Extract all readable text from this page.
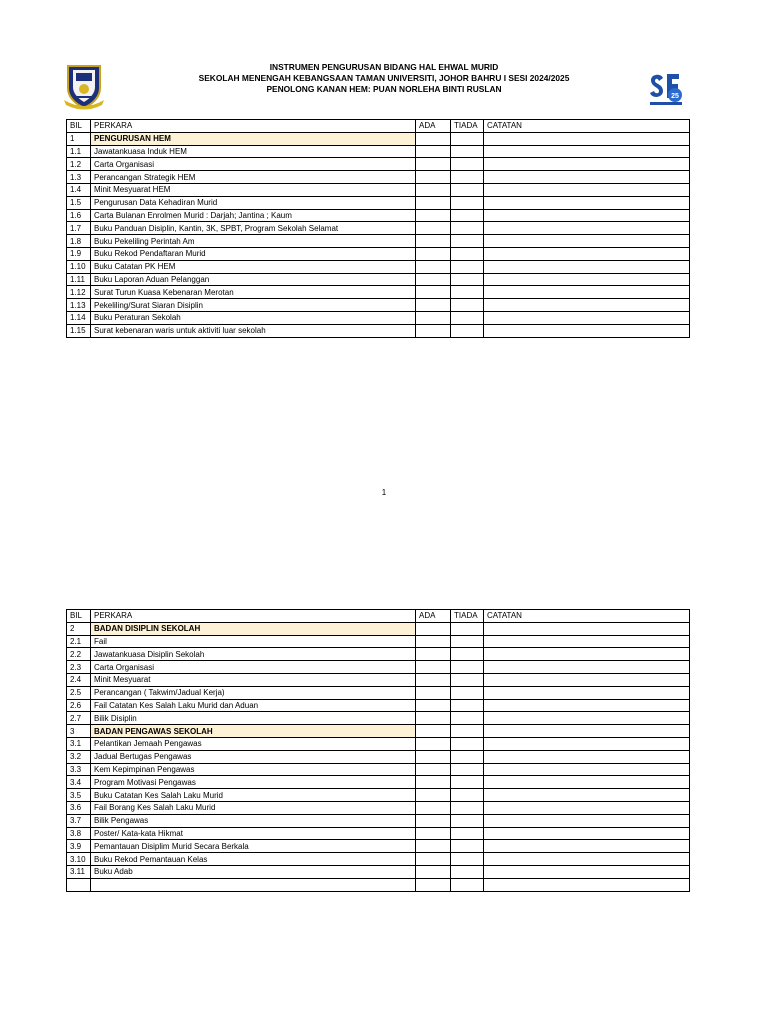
INSTRUMEN PENGURUSAN BIDANG HAL EHWAL MURID
SEKOLAH MENENGAH KEBANGSAAN TAMAN UNIVERSITI, JOHOR BAHRU I SESI 2024/2025
PENOLONG KANAN HEM: PUAN NORLEHA BINTI RUSLAN
25
BIL	PERKARA	ADA	TIADA	CATATAN
1	PENGURUSAN HEM			
1.1	Jawatankuasa Induk HEM			
1.2	Carta Organisasi			
1.3	Perancangan Strategik HEM			
1.4	Minit Mesyuarat HEM			
1.5	Pengurusan Data Kehadiran Murid			
1.6	Carta Bulanan Enrolmen Murid : Darjah; Jantina ; Kaum			
1.7	Buku Panduan Disiplin, Kantin, 3K, SPBT, Program Sekolah Selamat			
1.8	Buku Pekeliling Perintah Am			
1.9	Buku Rekod Pendaftaran Murid			
1.10	Buku Catatan PK HEM			
1.11	Buku Laporan Aduan Pelanggan			
1.12	Surat Turun Kuasa Kebenaran Merotan			
1.13	Pekeliling/Surat Siaran Disiplin			
1.14	Buku Peraturan Sekolah			
1.15	Surat kebenaran waris untuk aktiviti luar sekolah			
1
BIL	PERKARA	ADA	TIADA	CATATAN
2	BADAN DISIPLIN SEKOLAH			
2.1	Fail			
2.2	Jawatankuasa Disiplin Sekolah			
2.3	Carta Organisasi			
2.4	Minit Mesyuarat			
2.5	Perancangan ( Takwim/Jadual Kerja)			
2.6	Fail Catatan Kes Salah Laku Murid dan Aduan			
2.7	Bilik Disiplin			
3	BADAN PENGAWAS SEKOLAH			
3.1	Pelantikan Jemaah Pengawas			
3.2	Jadual Bertugas Pengawas			
3.3	Kem Kepimpinan Pengawas			
3.4	Program Motivasi Pengawas			
3.5	Buku Catatan Kes Salah Laku Murid			
3.6	Fail Borang Kes Salah Laku Murid			
3.7	Bilik Pengawas			
3.8	Poster/ Kata-kata Hikmat			
3.9	Pemantauan Disiplim Murid Secara Berkala			
3.10	Buku Rekod Pemantauan Kelas			
3.11	Buku Adab			
